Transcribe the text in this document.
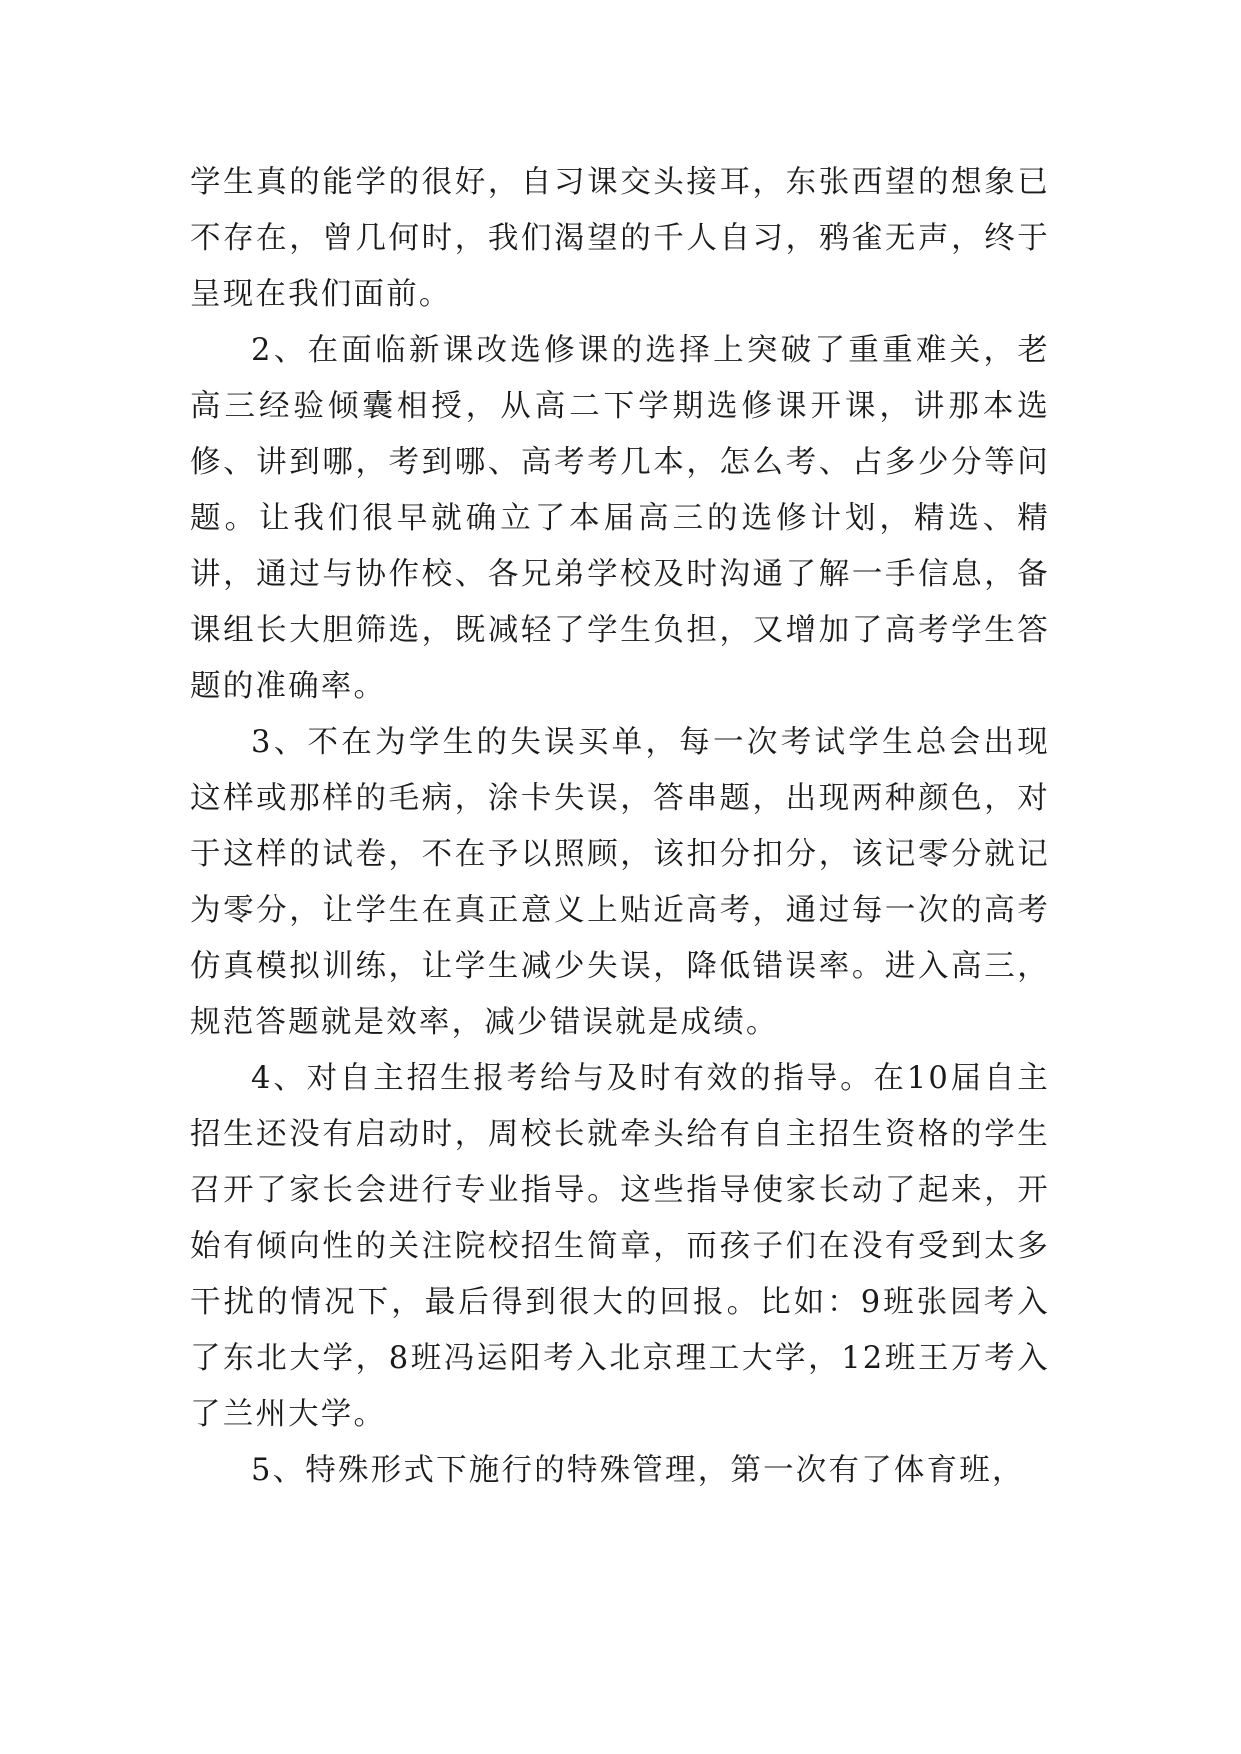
学生真的能学的很好，自习课交头接耳，东张西望的想象已不存在，曾几何时，我们渴望的千人自习，鸦雀无声，终于呈现在我们面前。

2、在面临新课改选修课的选择上突破了重重难关，老高三经验倾囊相授，从高二下学期选修课开课，讲那本选修、讲到哪，考到哪、高考考几本，怎么考、占多少分等问题。让我们很早就确立了本届高三的选修计划，精选、精讲，通过与协作校、各兄弟学校及时沟通了解一手信息，备课组长大胆筛选，既减轻了学生负担，又增加了高考学生答题的准确率。

3、不在为学生的失误买单，每一次考试学生总会出现这样或那样的毛病，涂卡失误，答串题，出现两种颜色，对于这样的试卷，不在予以照顾，该扣分扣分，该记零分就记为零分，让学生在真正意义上贴近高考，通过每一次的高考仿真模拟训练，让学生减少失误，降低错误率。进入高三，规范答题就是效率，减少错误就是成绩。

4、对自主招生报考给与及时有效的指导。在10届自主招生还没有启动时，周校长就牵头给有自主招生资格的学生召开了家长会进行专业指导。这些指导使家长动了起来，开始有倾向性的关注院校招生简章，而孩子们在没有受到太多干扰的情况下，最后得到很大的回报。比如：9班张园考入了东北大学，8班冯运阳考入北京理工大学，12班王万考入了兰州大学。

5、特殊形式下施行的特殊管理，第一次有了体育班，
